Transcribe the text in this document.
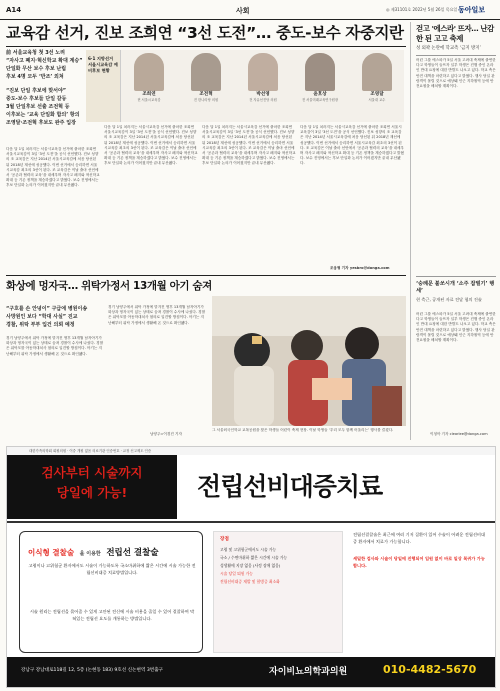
A14	사회	◎ 제31101호 2022년 5월 26일 목요일 동아일보
교육감 선거, 진보 조희연 “3선 도전”… 중도-보수 자중지란
前 서울교육청 첫 3선 노려
“자사고 폐지·혁신학교 확대 계승”
단일화 무산 보수 후보 난립
후보 4명 모두 ‘반조’ 외쳐
“진보 단일 후보에 맞서야”
중도-보수 후보들 단일 갈등
3월 단일후보 선출 조전혁 등
이후보는 ‘교육 단일화 합의’ 항의
조영달·조전혁 후보도 완주 입장
6·1 지방선거 서울시교육감 예비후보 현황
조희연
현 서울시교육감
조전혁
전 한나라당 의원
박선영
전 자유선진당 의원
윤호상
전 서울미래교육연구원장
조영달
서울대 교수
다음 달 1일 치러지는 서울시교육감 선거에 출마한 조희연 서울시교육감이 3일 ‘3선 도전’을 공식 선언했다. 진보 성향의 조 교육감은 지난 2014년 서울시교육감에 처음 당선된 뒤 2018년 재선에 성공했다. 이번 선거에서 승리하면 서울시교육감 최초의 3선이 된다. 조 교육감은 이날 출마 선언에서 ‘공존과 협력의 교육’을 내세우며 자사고 폐지와 혁신학교 확대 등 기존 정책을 계승하겠다고 밝혔다. 보수 진영에서는 후보 단일화 논의가 이어졌지만 끝내 무산됐다.
다음 달 1일 치러지는 서울시교육감 선거에 출마한 조희연 서울시교육감이 3일 ‘3선 도전’을 공식 선언했다. 진보 성향의 조 교육감은 지난 2014년 서울시교육감에 처음 당선된 뒤 2018년 재선에 성공했다. 이번 선거에서 승리하면 서울시교육감 최초의 3선이 된다. 조 교육감은 이날 출마 선언에서 ‘공존과 협력의 교육’을 내세우며 자사고 폐지와 혁신학교 확대 등 기존 정책을 계승하겠다고 밝혔다. 보수 진영에서는 후보 단일화 논의가 이어졌지만 끝내 무산됐다.
다음 달 1일 치러지는 서울시교육감 선거에 출마한 조희연 서울시교육감이 3일 ‘3선 도전’을 공식 선언했다. 진보 성향의 조 교육감은 지난 2014년 서울시교육감에 처음 당선된 뒤 2018년 재선에 성공했다. 이번 선거에서 승리하면 서울시교육감 최초의 3선이 된다. 조 교육감은 이날 출마 선언에서 ‘공존과 협력의 교육’을 내세우며 자사고 폐지와 혁신학교 확대 등 기존 정책을 계승하겠다고 밝혔다. 보수 진영에서는 후보 단일화 논의가 이어졌지만 끝내 무산됐다.
다음 달 1일 치러지는 서울시교육감 선거에 출마한 조희연 서울시교육감이 3일 ‘3선 도전’을 공식 선언했다. 진보 성향의 조 교육감은 지난 2014년 서울시교육감에 처음 당선된 뒤 2018년 재선에 성공했다. 이번 선거에서 승리하면 서울시교육감 최초의 3선이 된다. 조 교육감은 이날 출마 선언에서 ‘공존과 협력의 교육’을 내세우며 자사고 폐지와 혁신학교 확대 등 기존 정책을 계승하겠다고 밝혔다. 보수 진영에서는 후보 단일화 논의가 이어졌지만 끝내 무산됐다.
조응형 기자 yesbro@donga.com
걷고 '에스라' 뜨자… 난감한 된 고고 축제
성 외곽 논란에 학교측 ‘금지 방지’
어린 그룹 에스파가 5일 서울 고려대 축제에 출연한다고 학생들이 들뜨자 일부 학생은 진행 중인 온라인 반대 요청에 대한 반발도 나오고 있다. 학교 측은 안전 대책을 마련하고 있다고 밝혔다. 행사 당일 관람객이 몰릴 것으로 예상돼 인근 지하철역 등에 안전요원을 배치할 계획이다.
‘숭례문 불쏘시개 ‘소주 잡벌기’ 행세’
현 측근, 공개된 자료 전달 혐의 진술
어린 그룹 에스파가 5일 서울 고려대 축제에 출연한다고 학생들이 들뜨자 일부 학생은 진행 중인 온라인 반대 요청에 대한 반발도 나오고 있다. 학교 측은 안전 대책을 마련하고 있다고 밝혔다. 행사 당일 관람객이 몰릴 것으로 예상돼 인근 지하철역 등에 안전요원을 배치할 계획이다.
이청아 기자 clearlee@donga.com
화상에 멍자국… 위탁가정서 13개월 아기 숨져
“구호를 손 안녕이” 구급에 병원이송
사망원인 보다 “학대 사실” 진교
경찰, 위탁 부부 입건 의뢰 예정
경기 남양주에서 위탁 가정에 맡겨진 생후 13개월 남자아기가 화상과 멍자국이 있는 상태로 숨져 경찰이 수사에 나섰다. 경찰은 위탁모를 아동학대치사 혐의로 입건할 방침이다. 아기는 지난해부터 위탁 가정에서 생활해 온 것으로 확인됐다.
경기 남양주에서 위탁 가정에 맡겨진 생후 13개월 남자아기가 화상과 멍자국이 있는 상태로 숨져 경찰이 수사에 나섰다. 경찰은 위탁모를 아동학대치사 혐의로 입건할 방침이다. 아기는 지난해부터 위탁 가정에서 생활해 온 것으로 확인됐다.
남양주=이경진 기자
그 서울외국인학교 교복공원을 찾은 학생들 어린이 축제 현장. 이날 학생들 ‘우리 모두 함께 어울리는’ 행사를 즐겼다.
대한가족의학회 회원의원 · 이중 개원 없음 의료기관 인증번호 · 교정 신고제도 인증
검사부터 시술까지
당일에 가능!	전립선비대증치료
이식형 결찰술 을 이용한 전립선 결찰술
고령이나 고위험군 환자에서도 시술이 가능하도록 국소마취하에 짧은 시간에 시술 가능한 전립선비대증 치료방법입니다.
시술 원리는 전립선을 묶어줌 수 있게 고안된 전신에 시술 비용을 줄일 수 있어 결찰하여 막혀있는 전립선 요도를 개통하는 방법입니다.
장점
고령 및 고위험군에서도 시술 가능
국소 / 수면마취하 짧은 시간에 시술 가능
성생활에 지장 없음 (사정 장애 없음)
시술 당일 퇴원 가능
전립선비대증 재발 및 합병증 최소화
전립선결찰술은 최근에 여러 기저 질환이 있어 수술이 어려운 전립선비대증 환자에서 치료가 가능합니다.
세밀한 검사와 시술이 당일에 진행되어 입원 없이 바로 일상 복귀가 가능합니다.
강남구 강남대로118길 12, 5층 (논현동 183) 9호선 신논현역 3번출구	자이비뇨의학과의원	010-4482-5670
